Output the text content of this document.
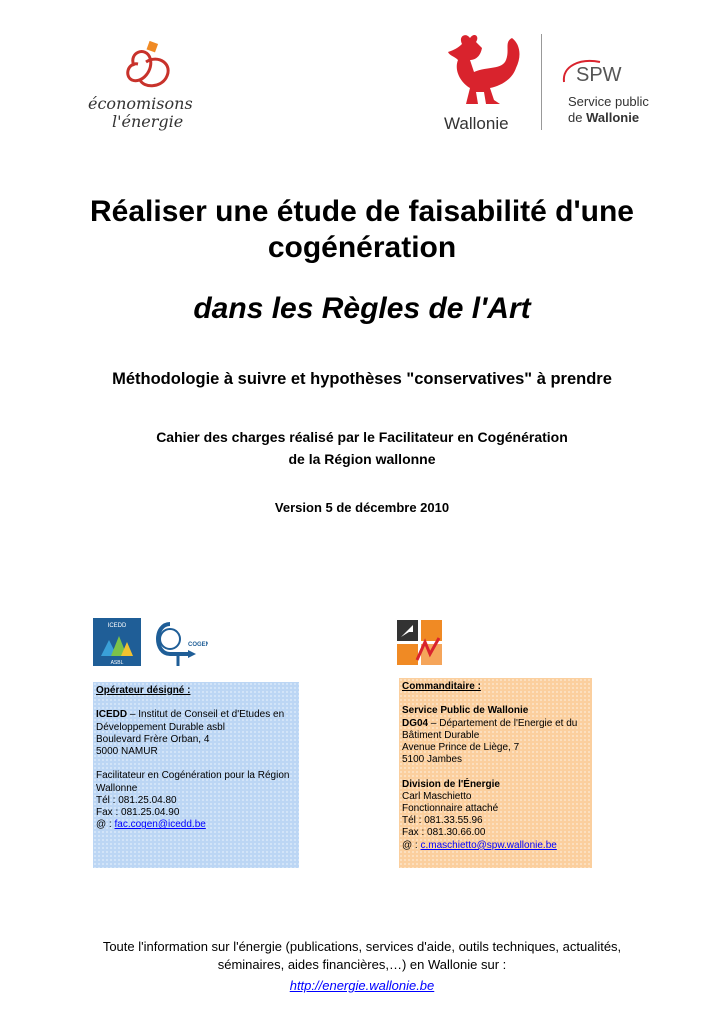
économisons
l'énergie	Wallonie
SPW
Service public
de Wallonie
Réaliser une étude de faisabilité d'une
cogénération
dans les Règles de l'Art
Méthodologie à suivre et hypothèses "conservatives" à prendre
Cahier des charges réalisé par le Facilitateur en Cogénération
de la Région wallonne
Version 5 de décembre 2010
ICEDD
ASBL
COGEN

Opérateur désigné :

ICEDD – Institut de Conseil et d'Etudes en Développement Durable asbl

Boulevard Frère Orban, 4

5000 NAMUR

Facilitateur en Cogénération pour la Région Wallonne

Tél : 081.25.04.80

Fax : 081.25.04.90

@ : fac.cogen@icedd.be

Commanditaire :

Service Public de Wallonie

DG04 – Département de l'Energie et du Bâtiment Durable

Avenue Prince de Liège, 7

5100 Jambes

Division de l'Énergie

Carl Maschietto

Fonctionnaire attaché

Tél : 081.33.55.96

Fax : 081.30.66.00

@ : c.maschietto@spw.wallonie.be

Toute l'information sur l'énergie (publications, services d'aide, outils techniques, actualités,
séminaires, aides financières,…) en Wallonie sur :
http://energie.wallonie.be
